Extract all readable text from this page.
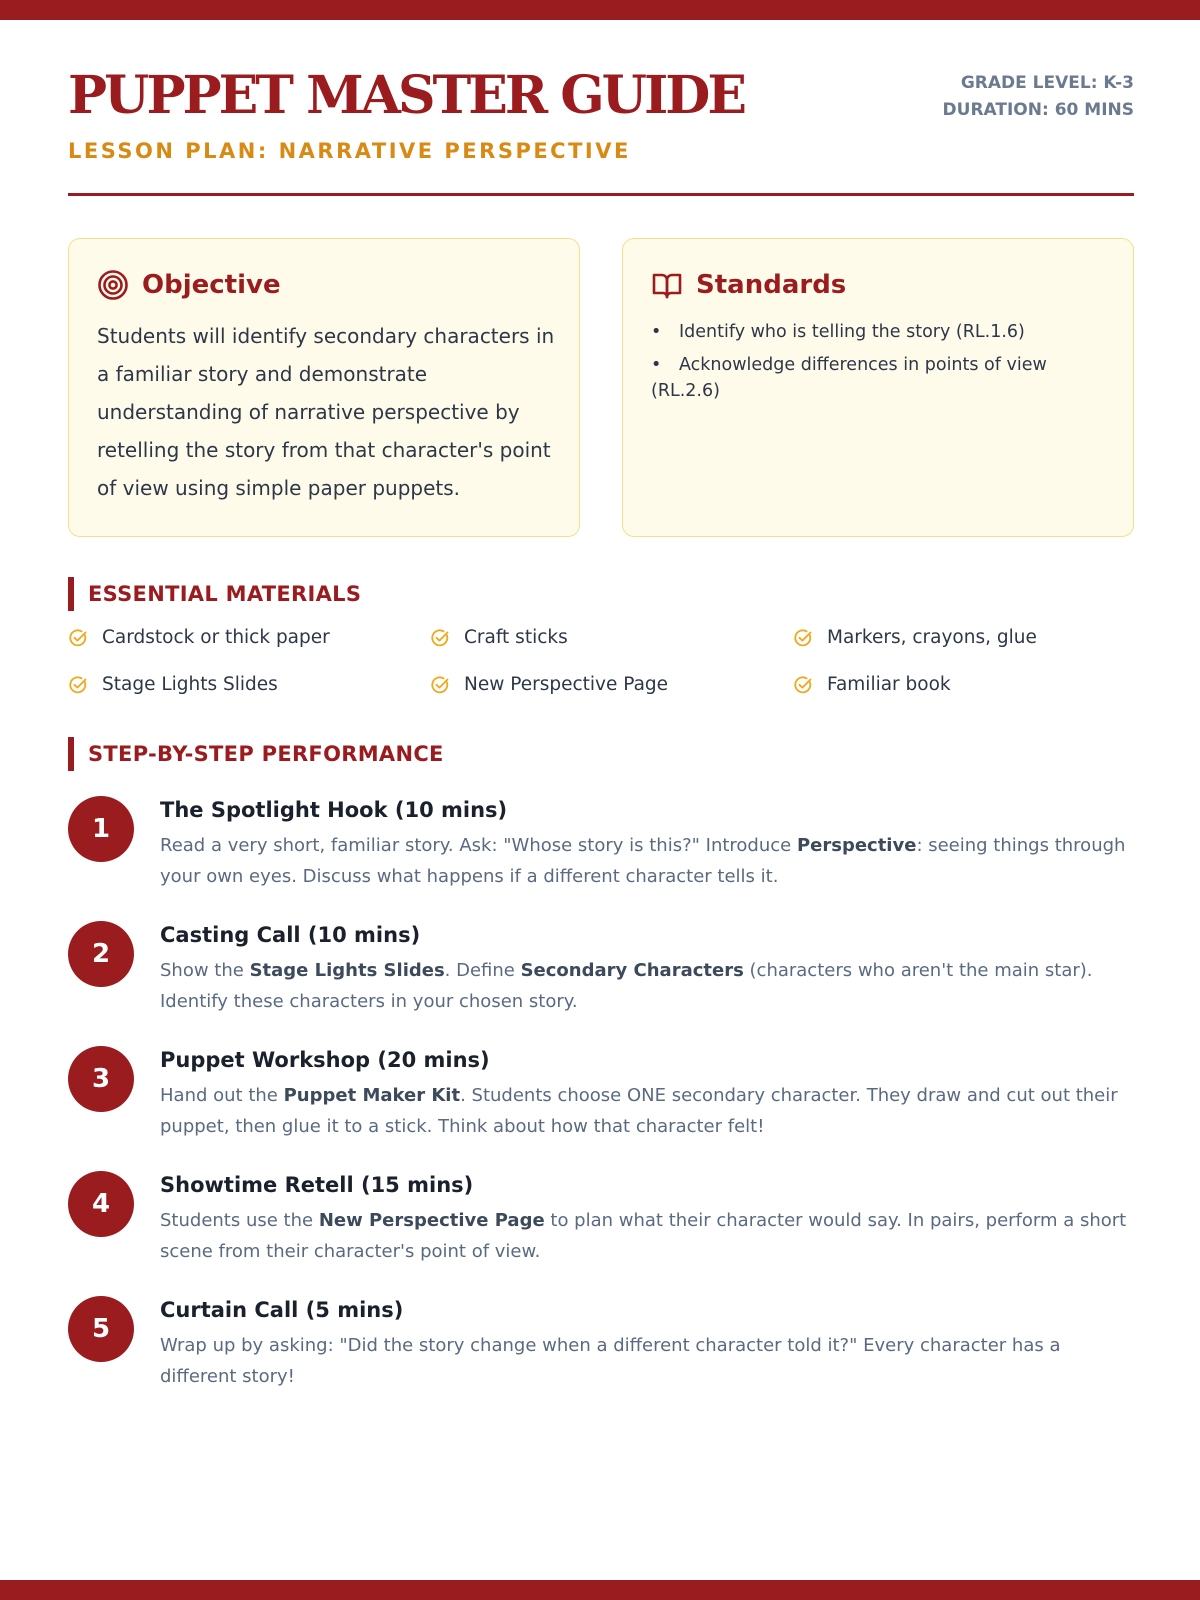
PUPPET MASTER GUIDE
LESSON PLAN: NARRATIVE PERSPECTIVE
GRADE LEVEL: K-3
DURATION: 60 MINS
Objective

Students will identify secondary characters in a familiar story and demonstrate understanding of narrative perspective by retelling the story from that character's point of view using simple paper puppets.

Standards
• Identify who is telling the story (RL.1.6)
• Acknowledge differences in points of view (RL.2.6)
ESSENTIAL MATERIALS
Cardstock or thick paper	Craft sticks	Markers, crayons, glue
Stage Lights Slides	New Perspective Page	Familiar book
STEP-BY-STEP PERFORMANCE
1
The Spotlight Hook (10 mins)

Read a very short, familiar story. Ask: "Whose story is this?" Introduce Perspective: seeing things through your own eyes. Discuss what happens if a different character tells it.

2
Casting Call (10 mins)

Show the Stage Lights Slides. Define Secondary Characters (characters who aren't the main star). Identify these characters in your chosen story.

3
Puppet Workshop (20 mins)

Hand out the Puppet Maker Kit. Students choose ONE secondary character. They draw and cut out their puppet, then glue it to a stick. Think about how that character felt!

4
Showtime Retell (15 mins)

Students use the New Perspective Page to plan what their character would say. In pairs, perform a short scene from their character's point of view.

5
Curtain Call (5 mins)

Wrap up by asking: "Did the story change when a different character told it?" Every character has a different story!
